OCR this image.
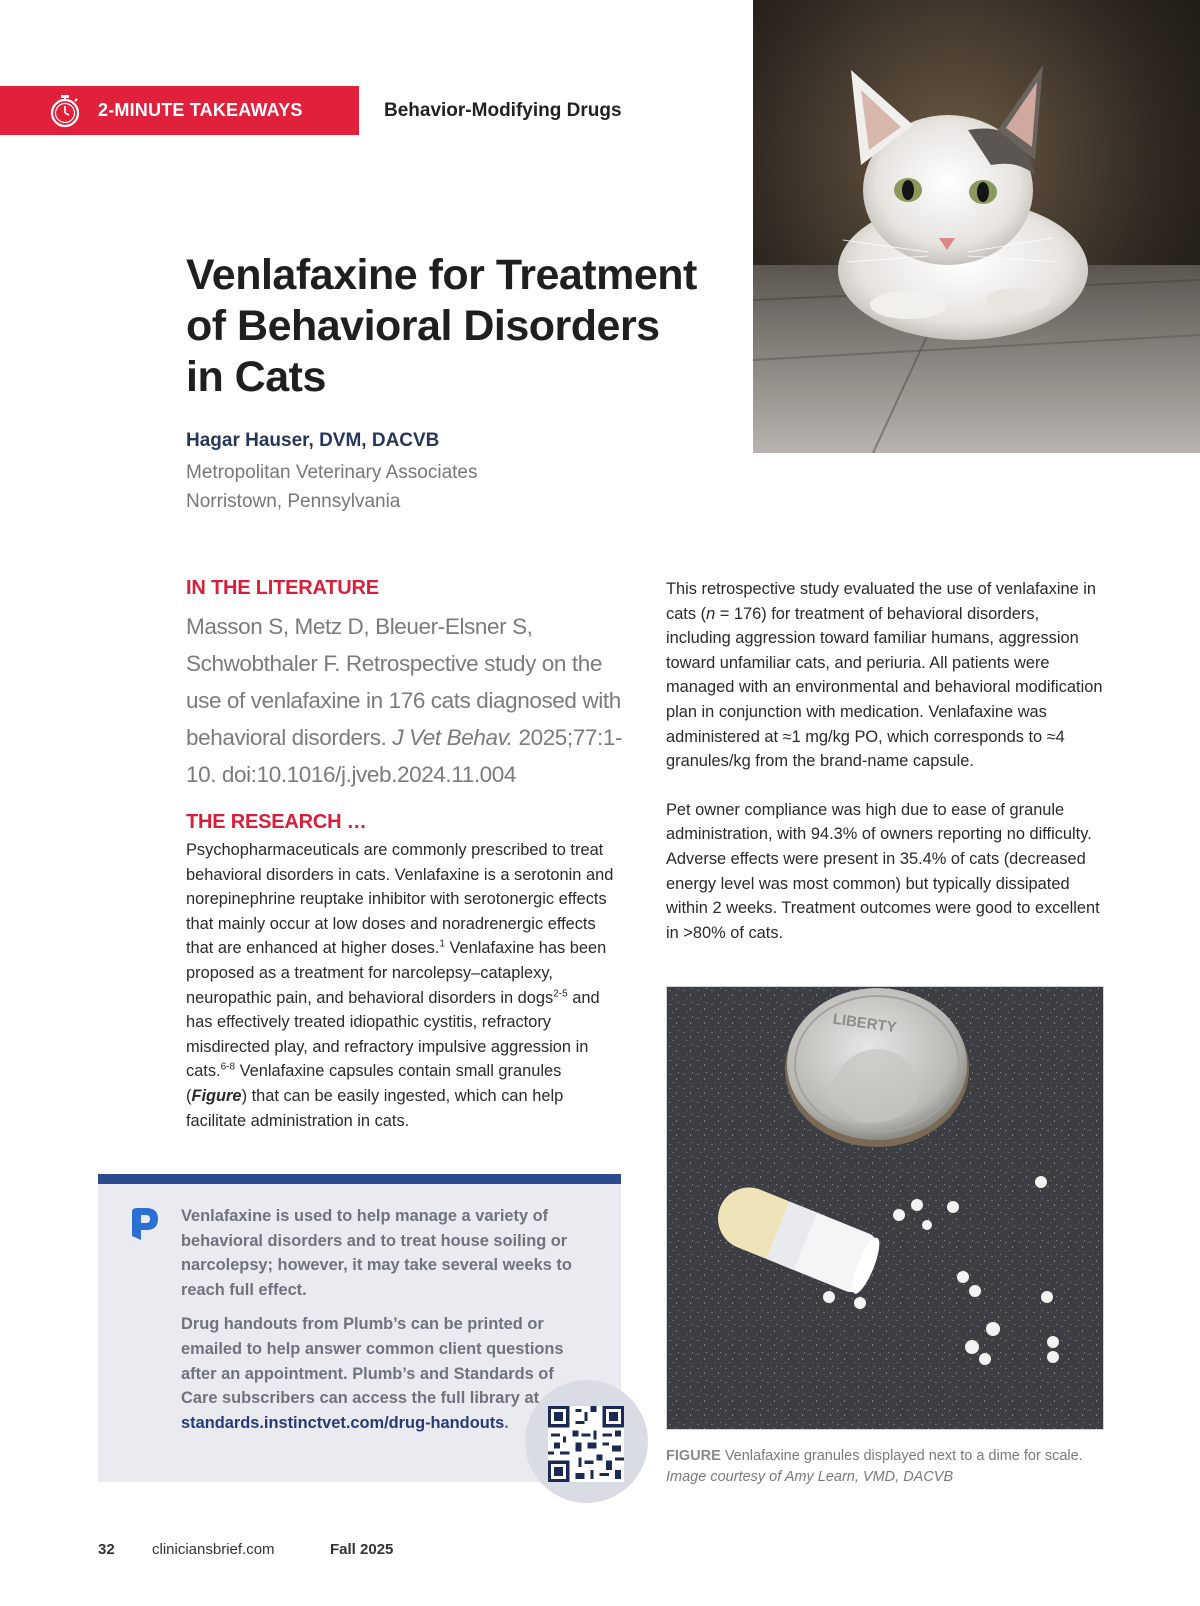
2-MINUTE TAKEAWAYS	Behavior-Modifying Drugs
Venlafaxine for Treatment of Behavioral Disorders in Cats
Hagar Hauser, DVM, DACVB
Metropolitan Veterinary Associates
Norristown, Pennsylvania
IN THE LITERATURE
Masson S, Metz D, Bleuer-Elsner S, Schwobthaler F. Retrospective study on the use of venlafaxine in 176 cats diagnosed with behavioral disorders. J Vet Behav. 2025;77:1-10. doi:10.1016/j.jveb.2024.11.004
THE RESEARCH …
Psychopharmaceuticals are commonly prescribed to treat behavioral disorders in cats. Venlafaxine is a serotonin and norepinephrine reuptake inhibitor with serotonergic effects that mainly occur at low doses and noradrenergic effects that are enhanced at higher doses.$^1$ Venlafaxine has been proposed as a treatment for narcolepsy–cataplexy, neuropathic pain, and behavioral disorders in dogs$^{2-5}$ and has effectively treated idiopathic cystitis, refractory misdirected play, and refractory impulsive aggression in cats.$^{6-8}$ Venlafaxine capsules contain small granules (Figure) that can be easily ingested, which can help facilitate administration in cats.

This retrospective study evaluated the use of venlafaxine in cats (n = 176) for treatment of behavioral disorders, including aggression toward familiar humans, aggression toward unfamiliar cats, and periuria. All patients were managed with an environmental and behavioral modification plan in conjunction with medication. Venlafaxine was administered at ≈1 mg/kg PO, which corresponds to ≈4 granules/kg from the brand-name capsule.

Pet owner compliance was high due to ease of granule administration, with 94.3% of owners reporting no difficulty. Adverse effects were present in 35.4% of cats (decreased energy level was most common) but typically dissipated within 2 weeks. Treatment outcomes were good to excellent in >80% of cats.

LIBERTY
FIGURE Venlafaxine granules displayed next to a dime for scale.
Image courtesy of Amy Learn, VMD, DACVB

Venlafaxine is used to help manage a variety of behavioral disorders and to treat house soiling or narcolepsy; however, it may take several weeks to reach full effect.

Drug handouts from Plumb’s can be printed or emailed to help answer common client questions after an appointment. Plumb’s and Standards of Care subscribers can access the full library at standards.instinctvet.com/drug-handouts.

32 cliniciansbrief.com	Fall 2025
